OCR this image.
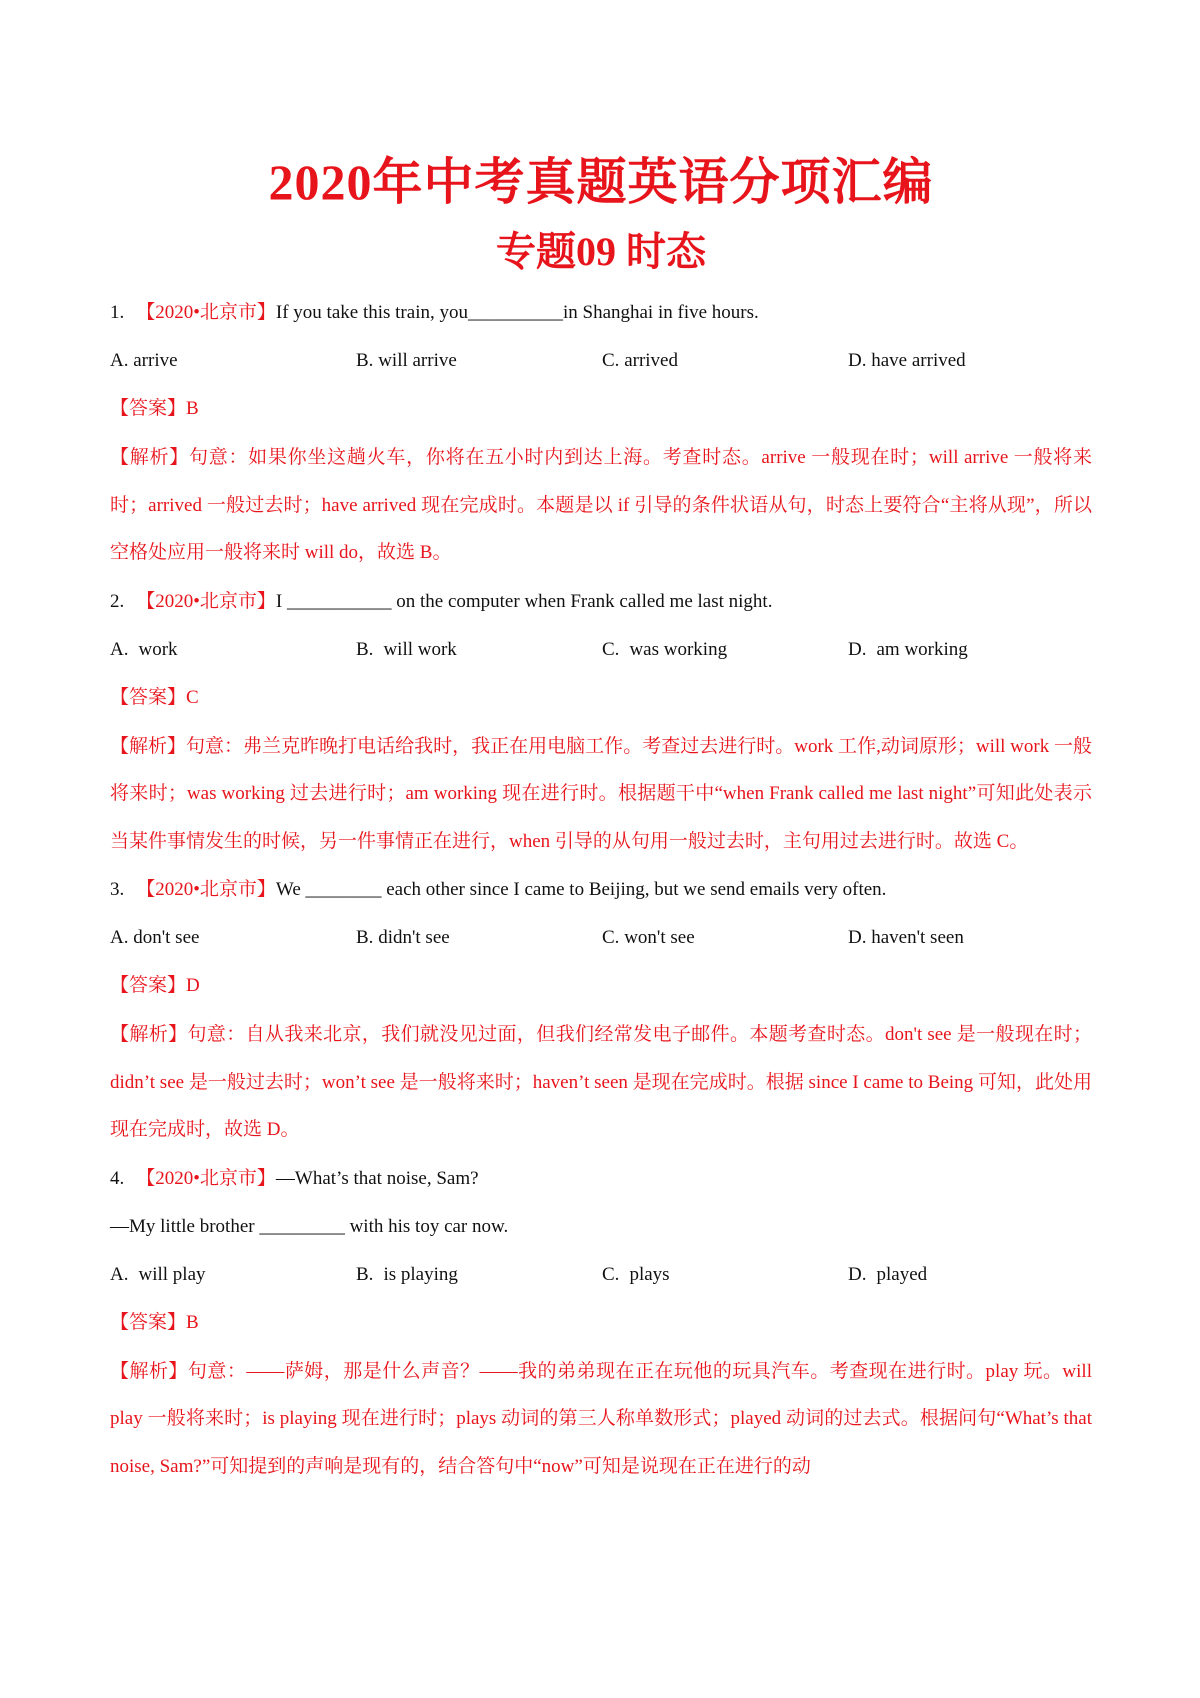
2020年中考真题英语分项汇编
专题09 时态
1. 【2020•北京市】If you take this train, you__________in Shanghai in five hours.
A. arrive	B. will arrive	C. arrived	D. have arrived
【答案】B
【解析】句意：如果你坐这趟火车，你将在五小时内到达上海。考查时态。arrive 一般现在时；will arrive 一般将来时；arrived 一般过去时；have arrived 现在完成时。本题是以 if 引导的条件状语从句，时态上要符合“主将从现”，所以空格处应用一般将来时 will do，故选 B。
2. 【2020•北京市】I ___________ on the computer when Frank called me last night.
A. work	B. will work	C. was working	D. am working
【答案】C
【解析】句意：弗兰克昨晚打电话给我时，我正在用电脑工作。考查过去进行时。work 工作,动词原形；will work 一般将来时；was working 过去进行时；am working 现在进行时。根据题干中“when Frank called me last night”可知此处表示当某件事情发生的时候，另一件事情正在进行，when 引导的从句用一般过去时，主句用过去进行时。故选 C。
3. 【2020•北京市】We ________ each other since I came to Beijing, but we send emails very often.
A. don't see	B. didn't see	C. won't see	D. haven't seen
【答案】D
【解析】句意：自从我来北京，我们就没见过面，但我们经常发电子邮件。本题考查时态。don't see 是一般现在时；didn’t see 是一般过去时；won’t see 是一般将来时；haven’t seen 是现在完成时。根据 since I came to Being 可知，此处用现在完成时，故选 D。
4. 【2020•北京市】—What’s that noise, Sam?
—My little brother _________ with his toy car now.
A. will play	B. is playing	C. plays	D. played
【答案】B
【解析】句意：——萨姆，那是什么声音？——我的弟弟现在正在玩他的玩具汽车。考查现在进行时。play 玩。will play 一般将来时；is playing 现在进行时；plays 动词的第三人称单数形式；played 动词的过去式。根据问句“What’s that noise, Sam?”可知提到的声响是现有的，结合答句中“now”可知是说现在正在进行的动
